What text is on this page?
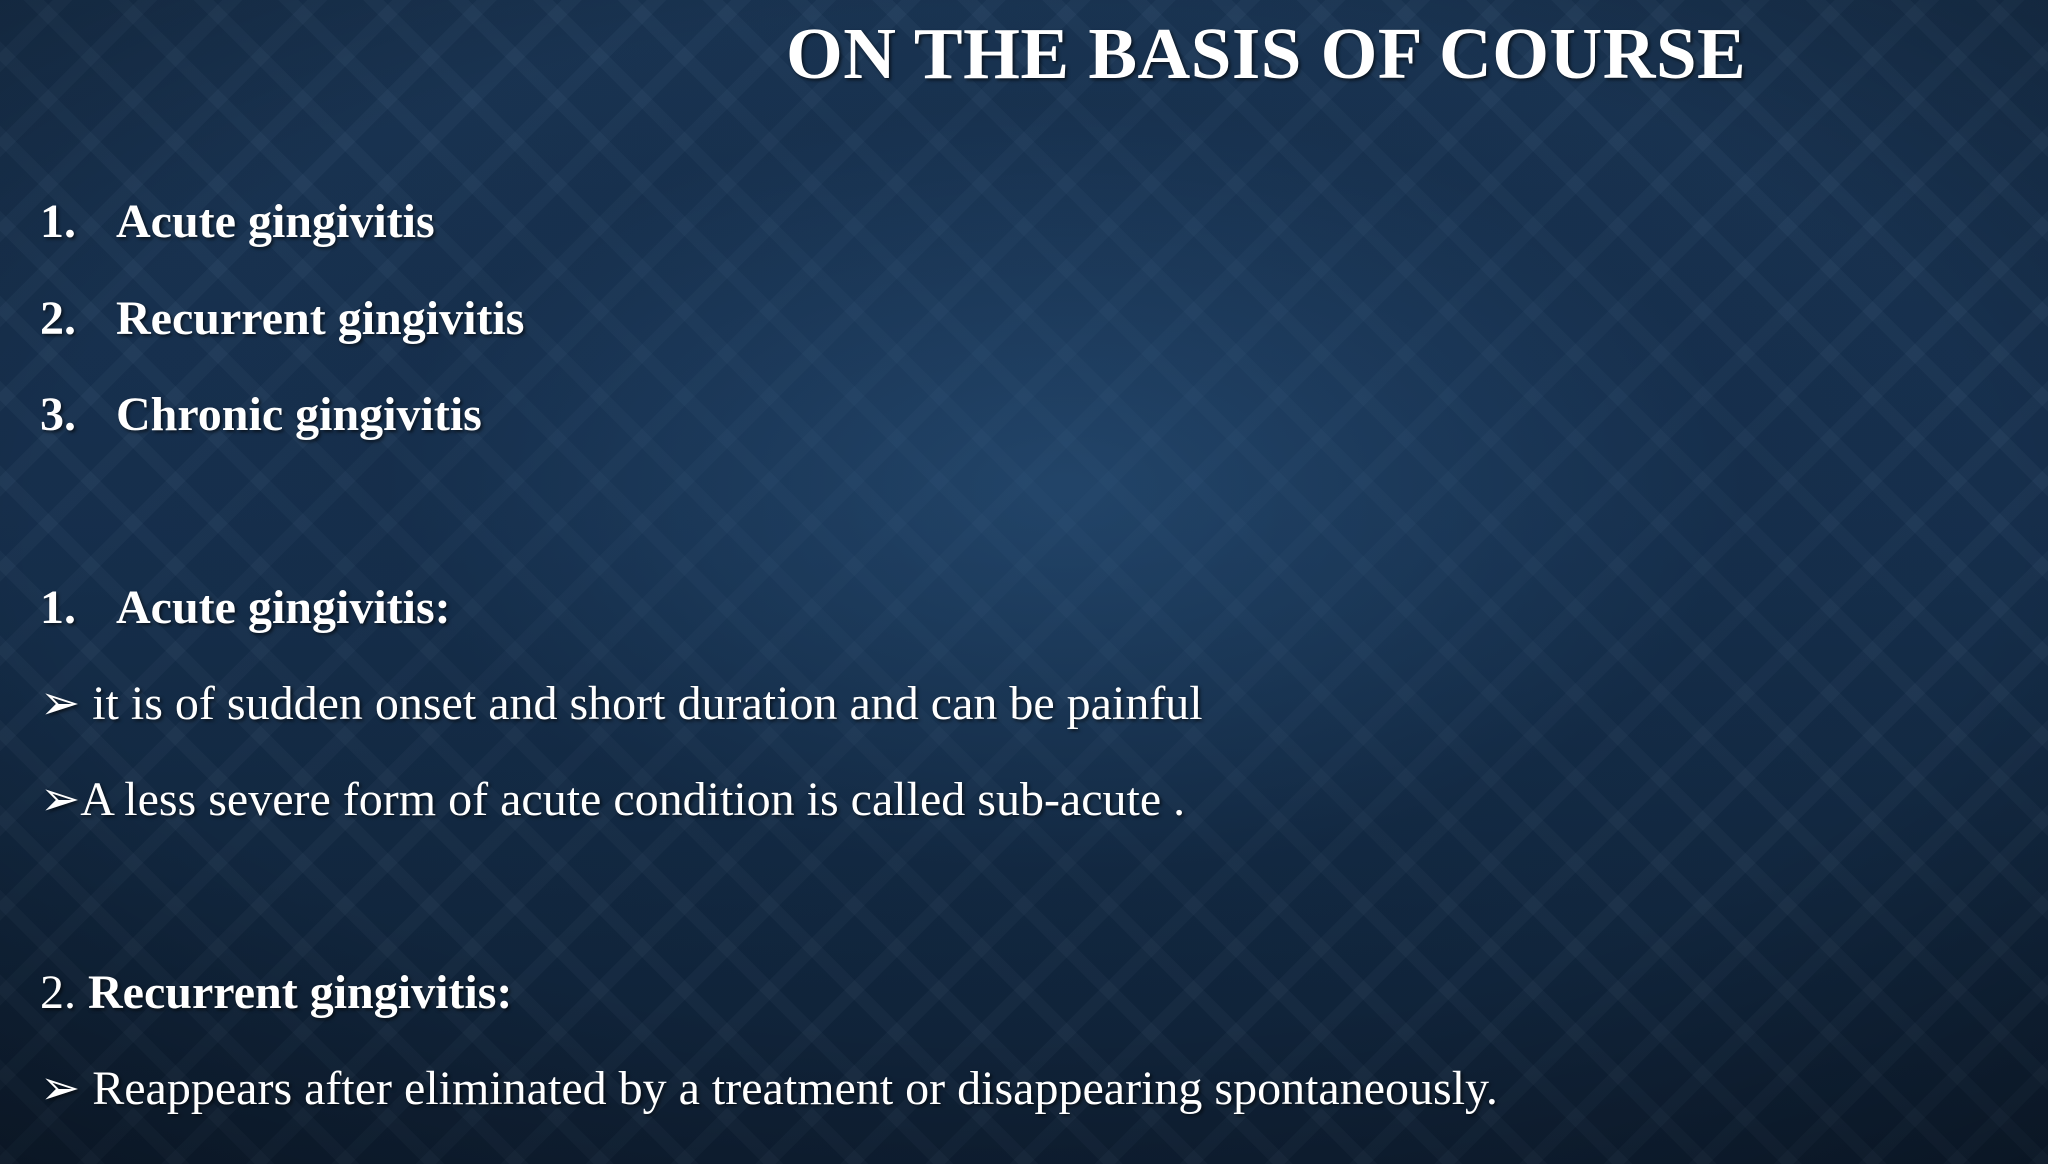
ON THE BASIS OF COURSE
1. Acute gingivitis
2. Recurrent gingivitis
3. Chronic gingivitis
1. Acute gingivitis:
➢ it is of sudden onset and short duration and can be painful
➢A less severe form of acute condition is called sub-acute .
2. Recurrent gingivitis:
➢ Reappears after eliminated by a treatment or disappearing spontaneously.
